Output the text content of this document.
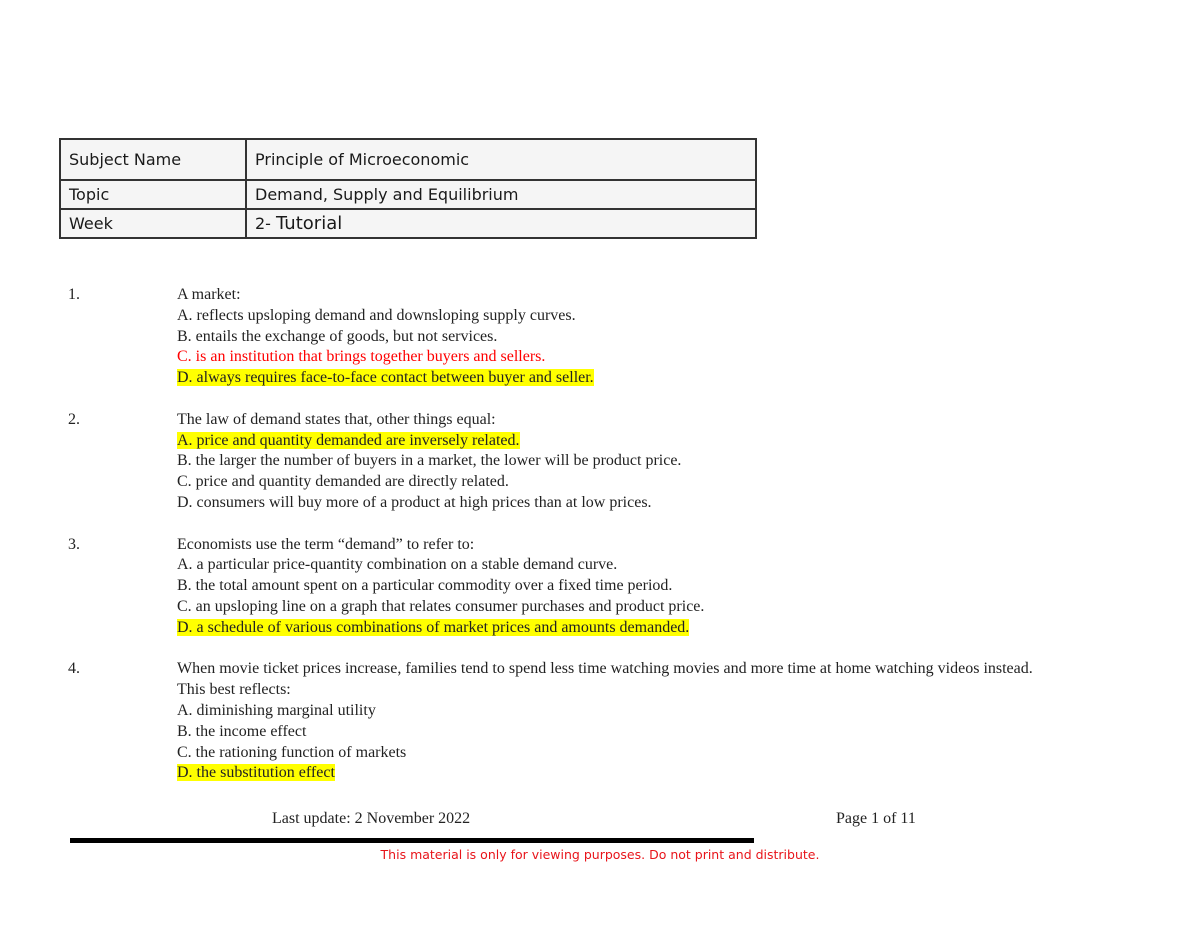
Subject Name	Principle of Microeconomic
Topic	Demand, Supply and Equilibrium
Week	2- Tutorial
1.	A market:
A. reflects upsloping demand and downsloping supply curves.
B. entails the exchange of goods, but not services.
C. is an institution that brings together buyers and sellers.
D. always requires face-to-face contact between buyer and seller.
2.	The law of demand states that, other things equal:
A. price and quantity demanded are inversely related.
B. the larger the number of buyers in a market, the lower will be product price.
C. price and quantity demanded are directly related.
D. consumers will buy more of a product at high prices than at low prices.
3.	Economists use the term “demand” to refer to:
A. a particular price-quantity combination on a stable demand curve.
B. the total amount spent on a particular commodity over a fixed time period.
C. an upsloping line on a graph that relates consumer purchases and product price.
D. a schedule of various combinations of market prices and amounts demanded.
4.	When movie ticket prices increase, families tend to spend less time watching movies and more time at home watching videos instead.
This best reflects:
A. diminishing marginal utility
B. the income effect
C. the rationing function of markets
D. the substitution effect
Last update: 2 November 2022	Page 1 of 11
This material is only for viewing purposes. Do not print and distribute.
